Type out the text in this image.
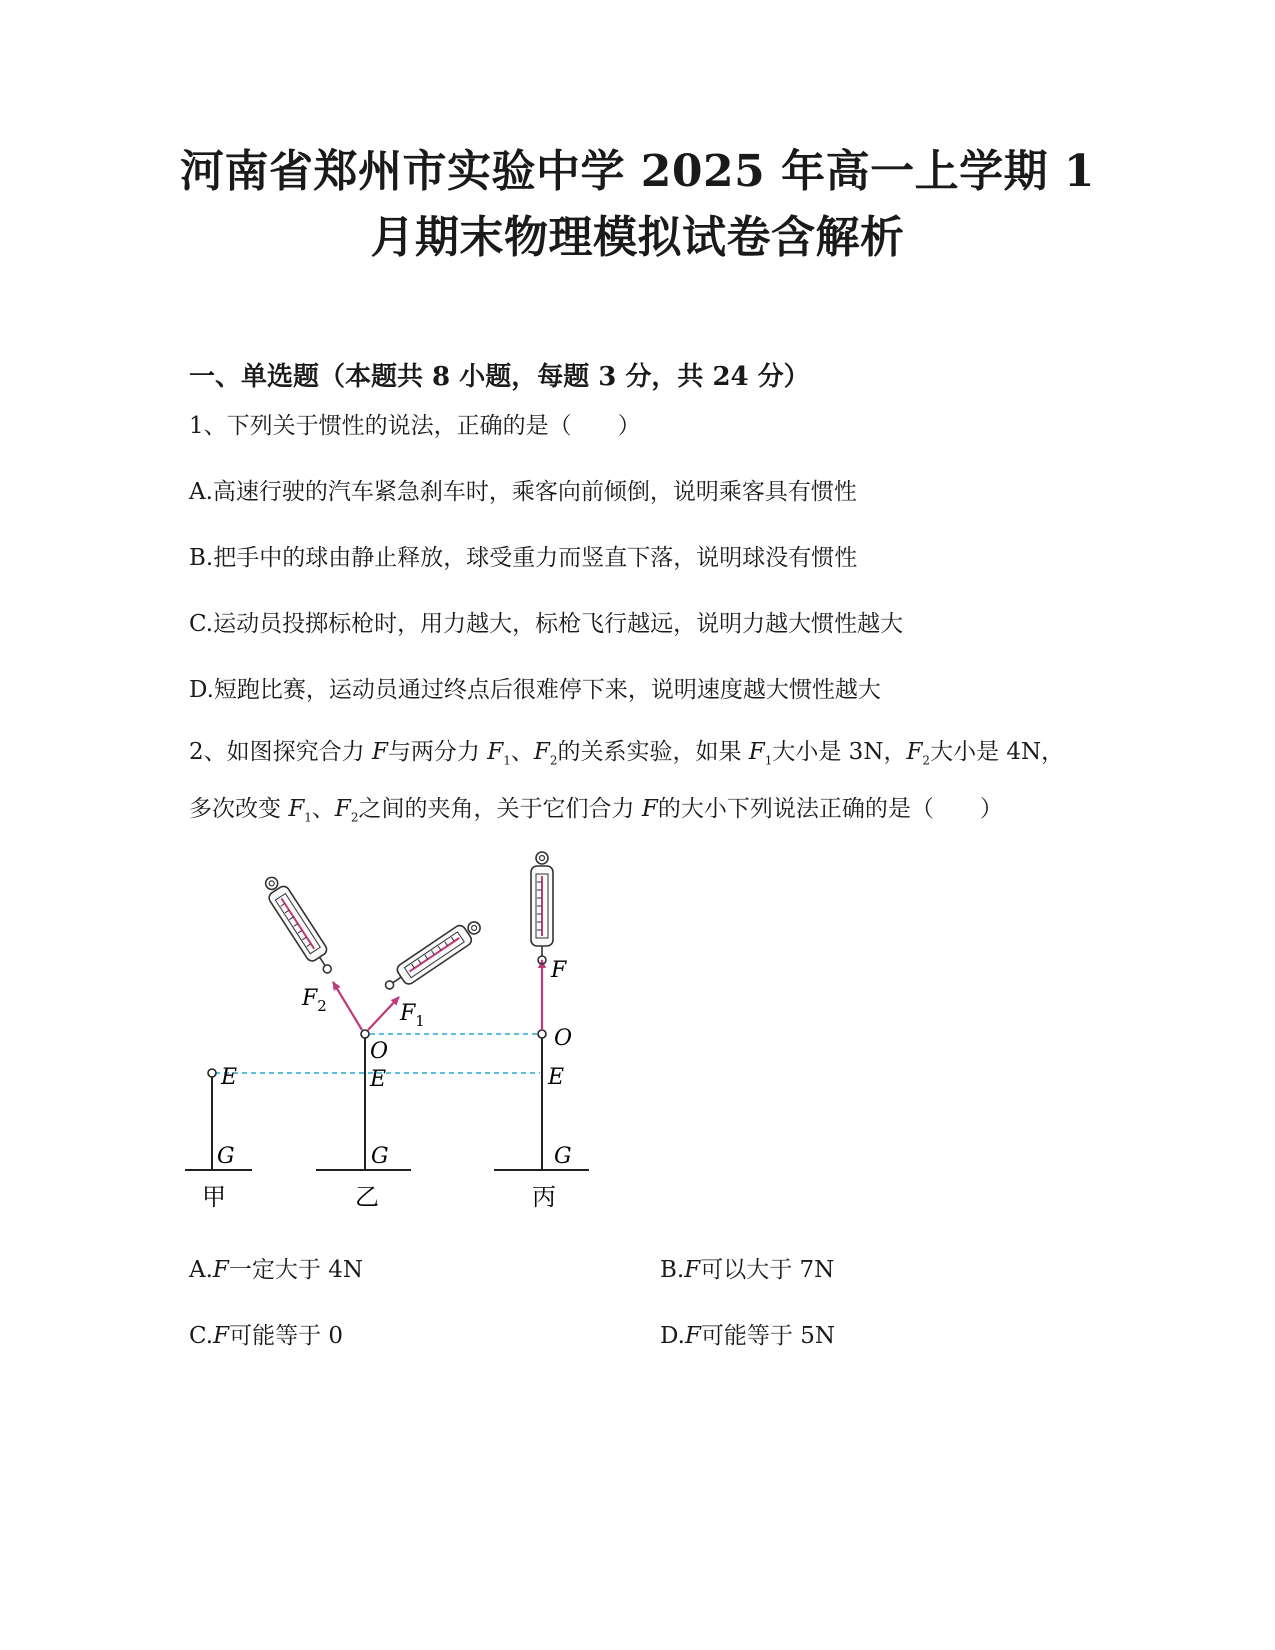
河南省郑州市实验中学 2025 年高一上学期 1
月期末物理模拟试卷含解析
一、单选题（本题共 8 小题，每题 3 分，共 24 分）
1、下列关于惯性的说法，正确的是（　　）
A.高速行驶的汽车紧急刹车时，乘客向前倾倒，说明乘客具有惯性
B.把手中的球由静止释放，球受重力而竖直下落，说明球没有惯性
C.运动员投掷标枪时，用力越大，标枪飞行越远，说明力越大惯性越大
D.短跑比赛，运动员通过终点后很难停下来，说明速度越大惯性越大
2、如图探究合力 F与两分力 $F_1$、$F_2$的关系实验，如果 $F_1$大小是 3N，$F_2$大小是 4N，
多次改变 $F_1$、$F_2$之间的夹角，关于它们合力 F的大小下列说法正确的是（　　）
$F_2$	$F_1$
F
O
O
E	E	E
G	G	G
甲	乙	丙
A.F一定大于 4N	B.F可以大于 7N
C.F可能等于 0	D.F可能等于 5N
